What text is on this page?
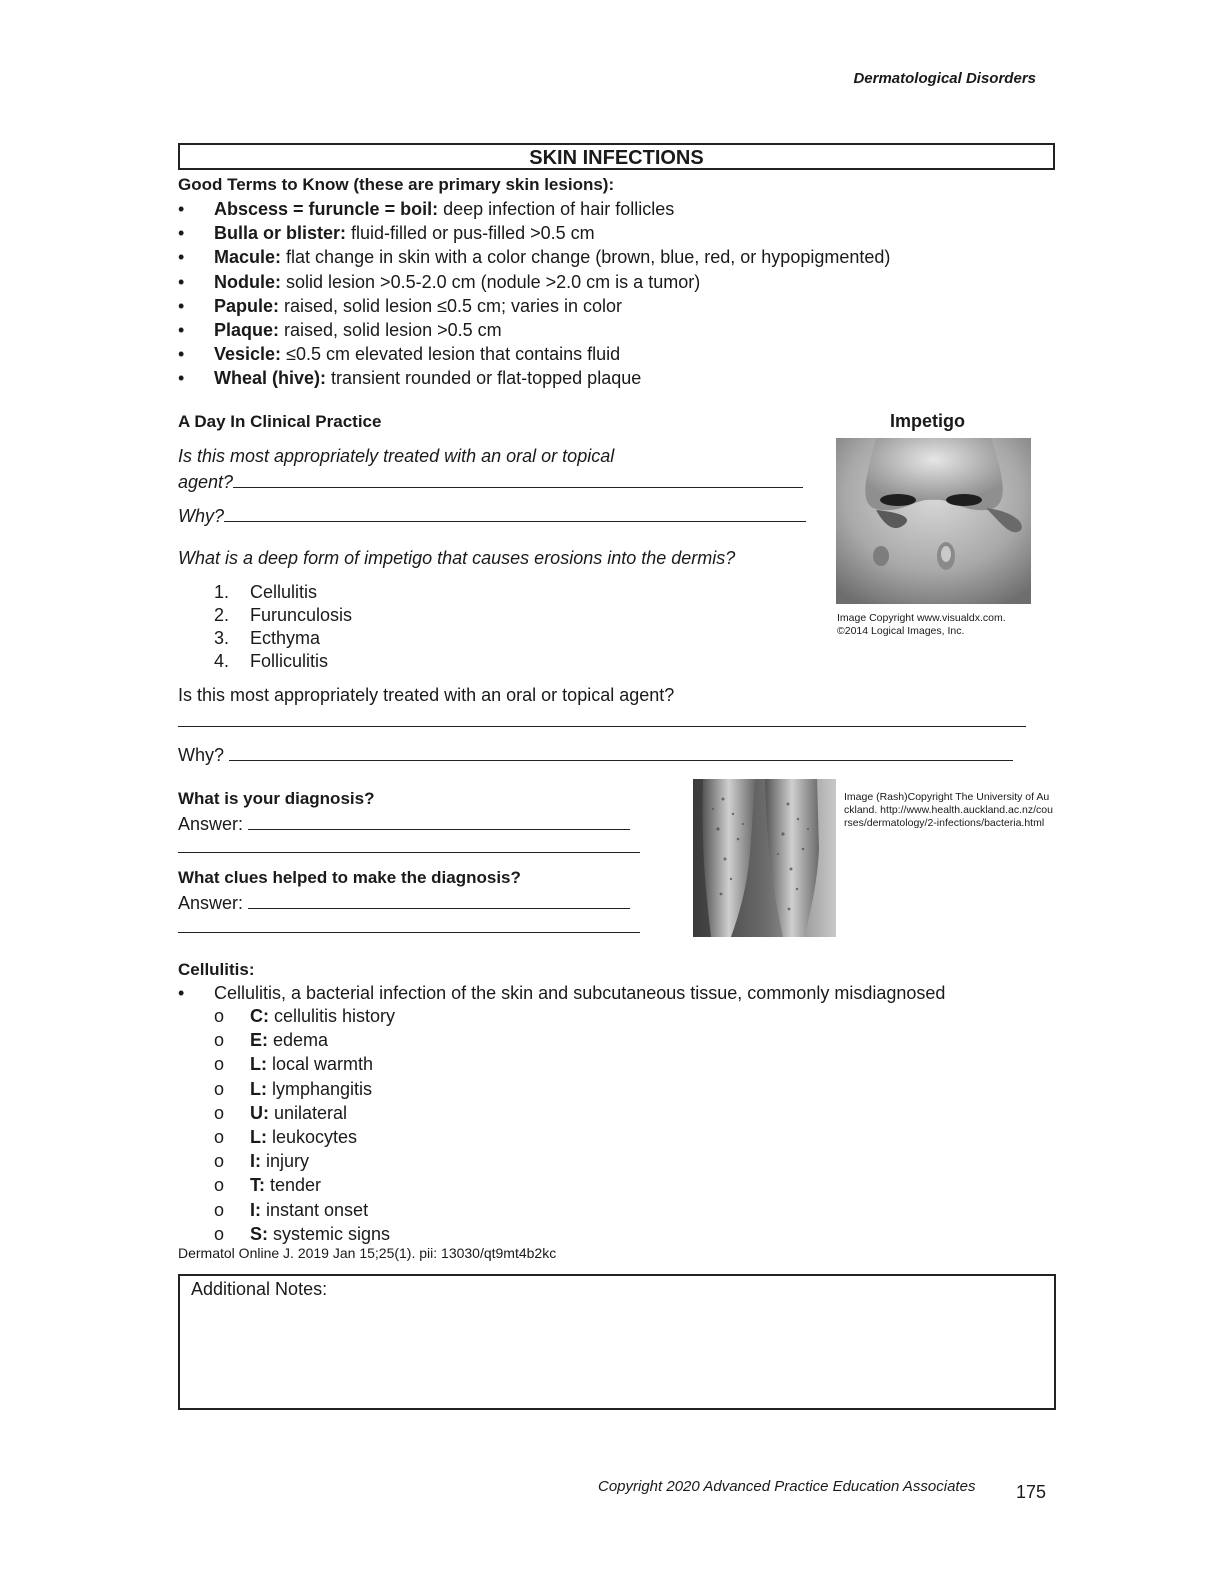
Dermatological Disorders
SKIN INFECTIONS
Good Terms to Know (these are primary skin lesions):
• Abscess = furuncle = boil: deep infection of hair follicles
• Bulla or blister: fluid-filled or pus-filled >0.5 cm
• Macule: flat change in skin with a color change (brown, blue, red, or hypopigmented)
• Nodule: solid lesion >0.5-2.0 cm (nodule >2.0 cm is a tumor)
• Papule: raised, solid lesion ≤0.5 cm; varies in color
• Plaque: raised, solid lesion >0.5 cm
• Vesicle: ≤0.5 cm elevated lesion that contains fluid
• Wheal (hive): transient rounded or flat-topped plaque
A Day In Clinical Practice	Impetigo
Is this most appropriately treated with an oral or topical
agent?
Why?
What is a deep form of impetigo that causes erosions into the dermis?
1. Cellulitis
2. Furunculosis
3. Ecthyma
4. Folliculitis
Image Copyright www.visualdx.com. ©2014 Logical Images, Inc.
Is this most appropriately treated with an oral or topical agent?
Why?
What is your diagnosis?
Answer:
What clues helped to make the diagnosis?
Answer:
Image (Rash)Copyright The University of Auckland. http://www.health.auckland.ac.nz/courses/dermatology/2-infections/bacteria.html
Cellulitis:
• Cellulitis, a bacterial infection of the skin and subcutaneous tissue, commonly misdiagnosed
o C: cellulitis history
o E: edema
o L: local warmth
o L: lymphangitis
o U: unilateral
o L: leukocytes
o I: injury
o T: tender
o I: instant onset
o S: systemic signs
Dermatol Online J. 2019 Jan 15;25(1). pii: 13030/qt9mt4b2kc
Additional Notes:
Copyright 2020 Advanced Practice Education Associates 175
